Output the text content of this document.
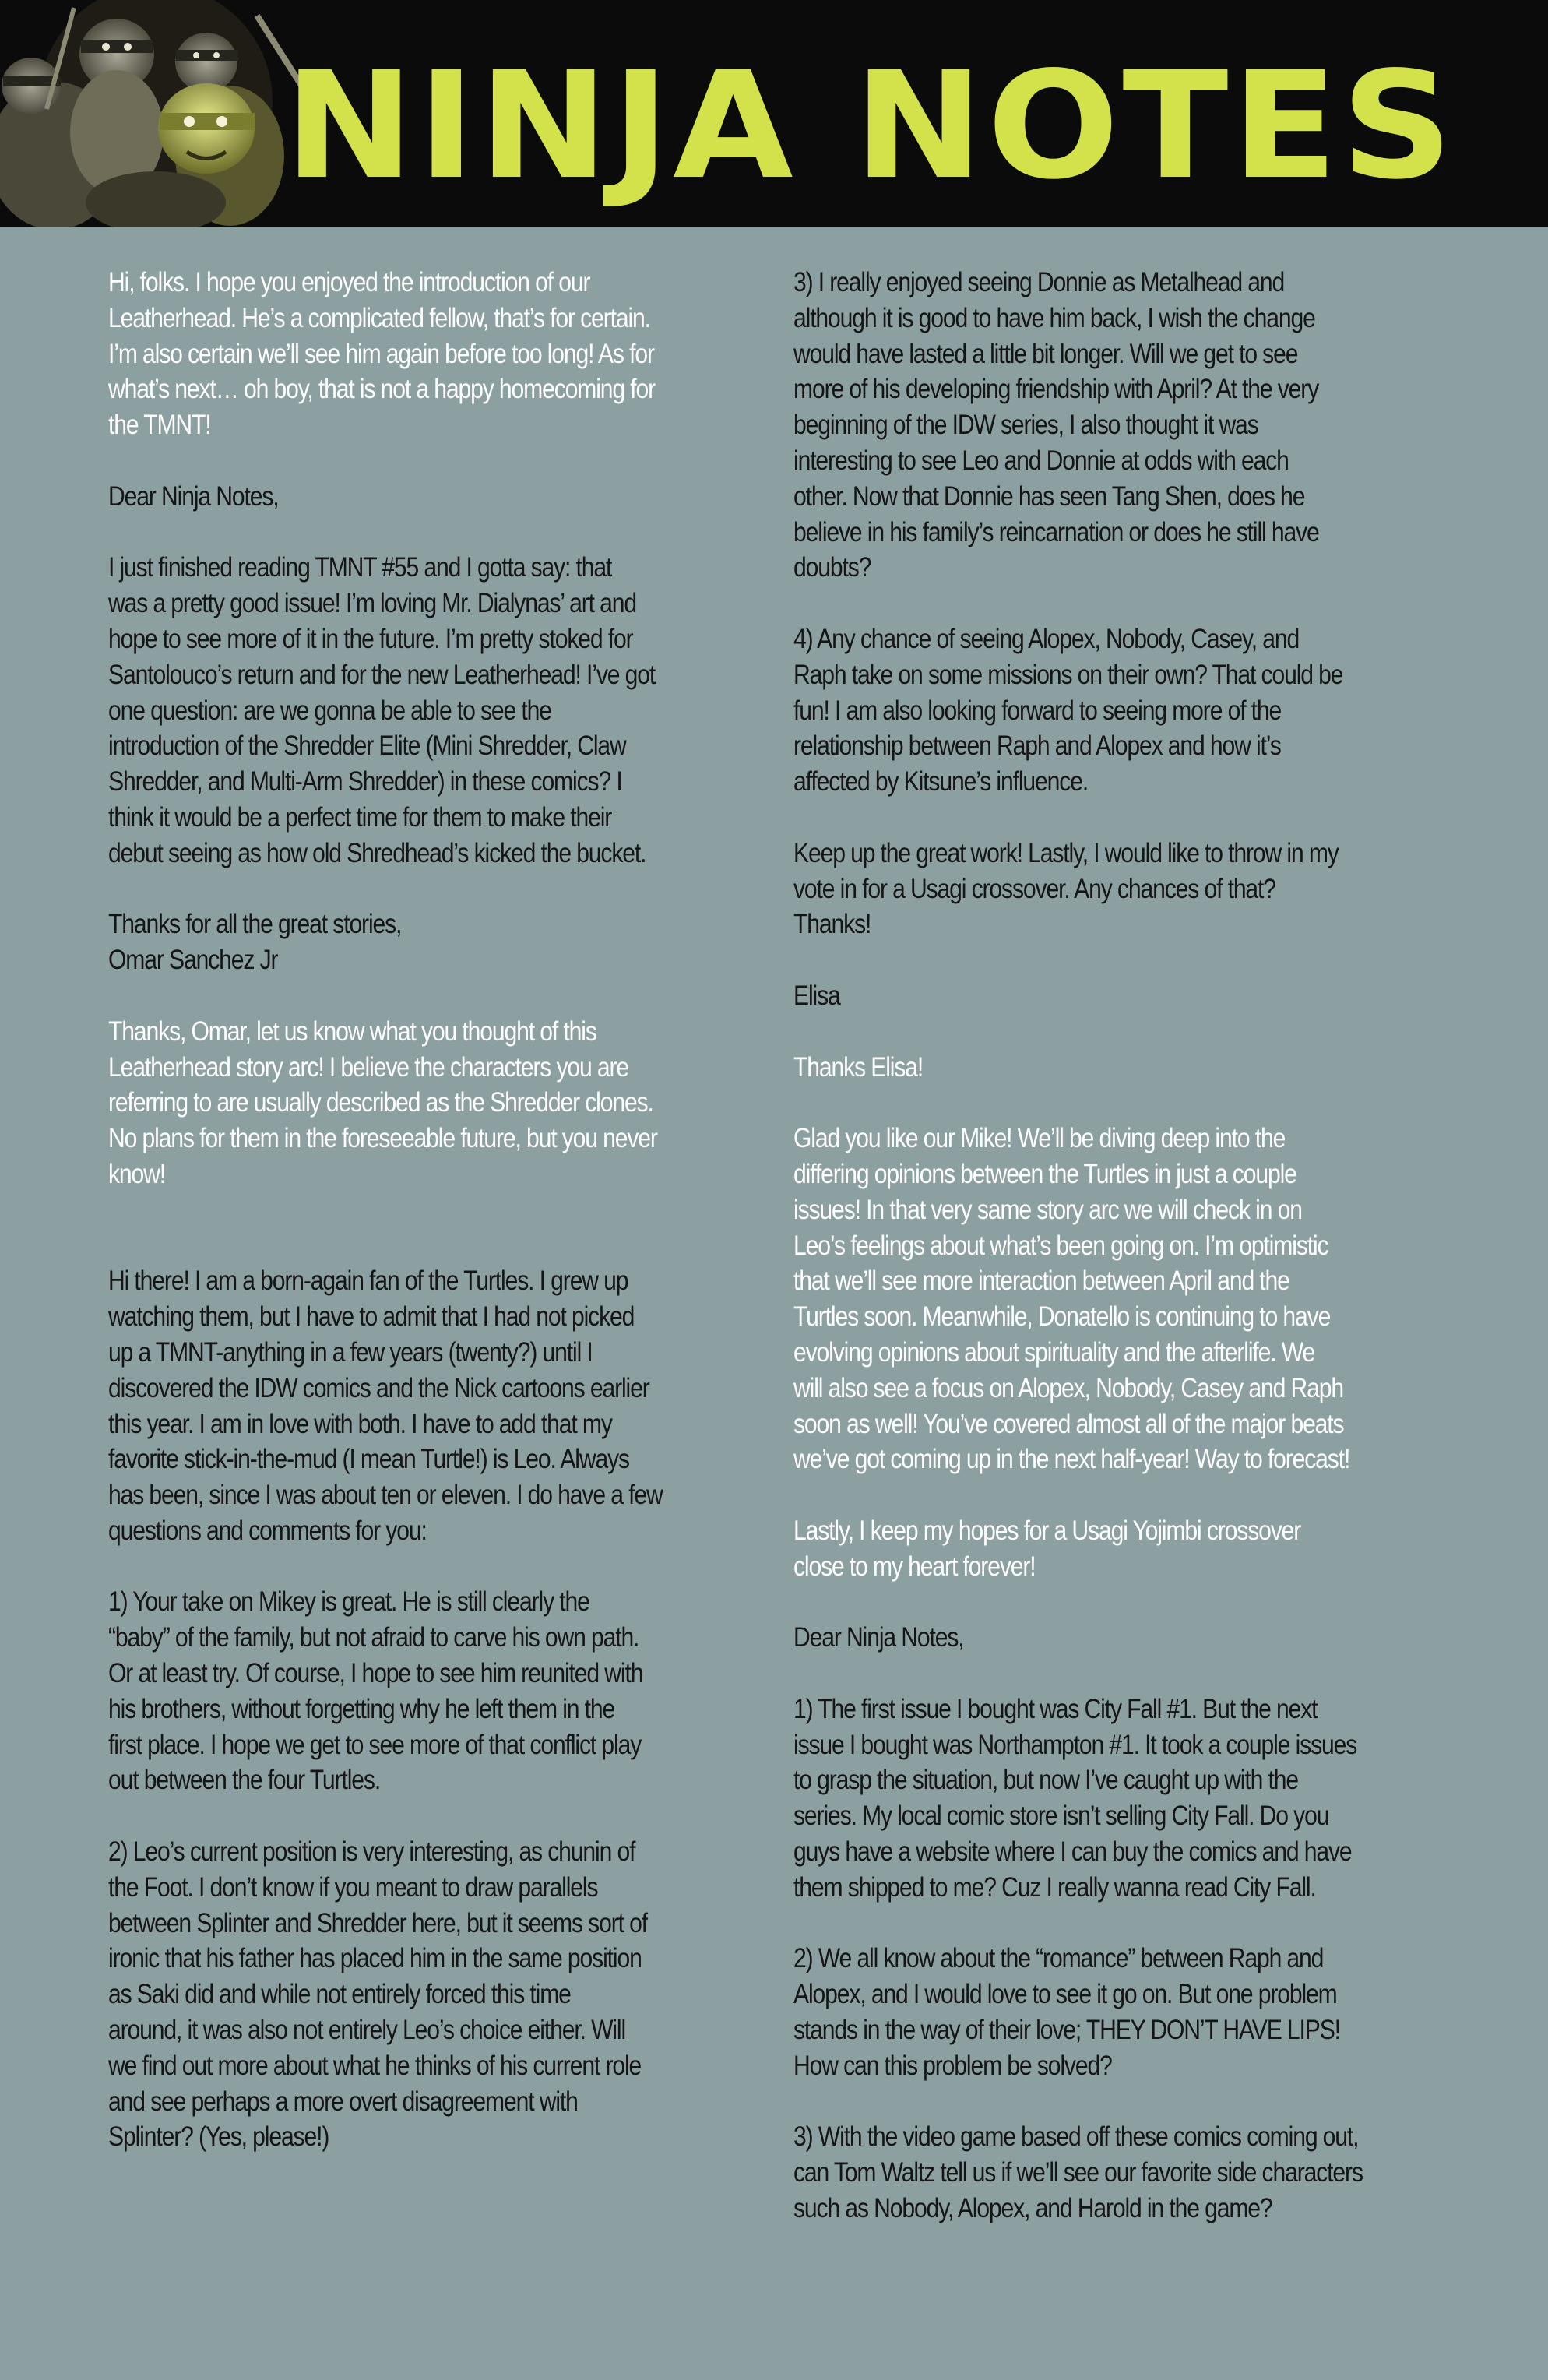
NINJA NOTES
Hi, folks. I hope you enjoyed the introduction of our
Leatherhead. He’s a complicated fellow, that’s for certain.
I’m also certain we’ll see him again before too long! As for
what’s next… oh boy, that is not a happy homecoming for
the TMNT!
Dear Ninja Notes,
I just finished reading TMNT #55 and I gotta say: that
was a pretty good issue! I’m loving Mr. Dialynas’ art and
hope to see more of it in the future. I’m pretty stoked for
Santolouco’s return and for the new Leatherhead! I’ve got
one question: are we gonna be able to see the
introduction of the Shredder Elite (Mini Shredder, Claw
Shredder, and Multi-Arm Shredder) in these comics? I
think it would be a perfect time for them to make their
debut seeing as how old Shredhead’s kicked the bucket.
Thanks for all the great stories,
Omar Sanchez Jr
Thanks, Omar, let us know what you thought of this
Leatherhead story arc! I believe the characters you are
referring to are usually described as the Shredder clones.
No plans for them in the foreseeable future, but you never
know!
Hi there! I am a born-again fan of the Turtles. I grew up
watching them, but I have to admit that I had not picked
up a TMNT-anything in a few years (twenty?) until I
discovered the IDW comics and the Nick cartoons earlier
this year. I am in love with both. I have to add that my
favorite stick-in-the-mud (I mean Turtle!) is Leo. Always
has been, since I was about ten or eleven. I do have a few
questions and comments for you:
1) Your take on Mikey is great. He is still clearly the
“baby” of the family, but not afraid to carve his own path.
Or at least try. Of course, I hope to see him reunited with
his brothers, without forgetting why he left them in the
first place. I hope we get to see more of that conflict play
out between the four Turtles.
2) Leo’s current position is very interesting, as chunin of
the Foot. I don’t know if you meant to draw parallels
between Splinter and Shredder here, but it seems sort of
ironic that his father has placed him in the same position
as Saki did and while not entirely forced this time
around, it was also not entirely Leo’s choice either. Will
we find out more about what he thinks of his current role
and see perhaps a more overt disagreement with
Splinter? (Yes, please!)
3) I really enjoyed seeing Donnie as Metalhead and
although it is good to have him back, I wish the change
would have lasted a little bit longer. Will we get to see
more of his developing friendship with April? At the very
beginning of the IDW series, I also thought it was
interesting to see Leo and Donnie at odds with each
other. Now that Donnie has seen Tang Shen, does he
believe in his family’s reincarnation or does he still have
doubts?
4) Any chance of seeing Alopex, Nobody, Casey, and
Raph take on some missions on their own? That could be
fun! I am also looking forward to seeing more of the
relationship between Raph and Alopex and how it’s
affected by Kitsune’s influence.
Keep up the great work! Lastly, I would like to throw in my
vote in for a Usagi crossover. Any chances of that?
Thanks!
Elisa
Thanks Elisa!
Glad you like our Mike! We’ll be diving deep into the
differing opinions between the Turtles in just a couple
issues! In that very same story arc we will check in on
Leo’s feelings about what’s been going on. I’m optimistic
that we’ll see more interaction between April and the
Turtles soon. Meanwhile, Donatello is continuing to have
evolving opinions about spirituality and the afterlife. We
will also see a focus on Alopex, Nobody, Casey and Raph
soon as well! You’ve covered almost all of the major beats
we’ve got coming up in the next half-year! Way to forecast!
Lastly, I keep my hopes for a Usagi Yojimbi crossover
close to my heart forever!
Dear Ninja Notes,
1) The first issue I bought was City Fall #1. But the next
issue I bought was Northampton #1. It took a couple issues
to grasp the situation, but now I’ve caught up with the
series. My local comic store isn’t selling City Fall. Do you
guys have a website where I can buy the comics and have
them shipped to me? Cuz I really wanna read City Fall.
2) We all know about the “romance” between Raph and
Alopex, and I would love to see it go on. But one problem
stands in the way of their love; THEY DON’T HAVE LIPS!
How can this problem be solved?
3) With the video game based off these comics coming out,
can Tom Waltz tell us if we’ll see our favorite side characters
such as Nobody, Alopex, and Harold in the game?
